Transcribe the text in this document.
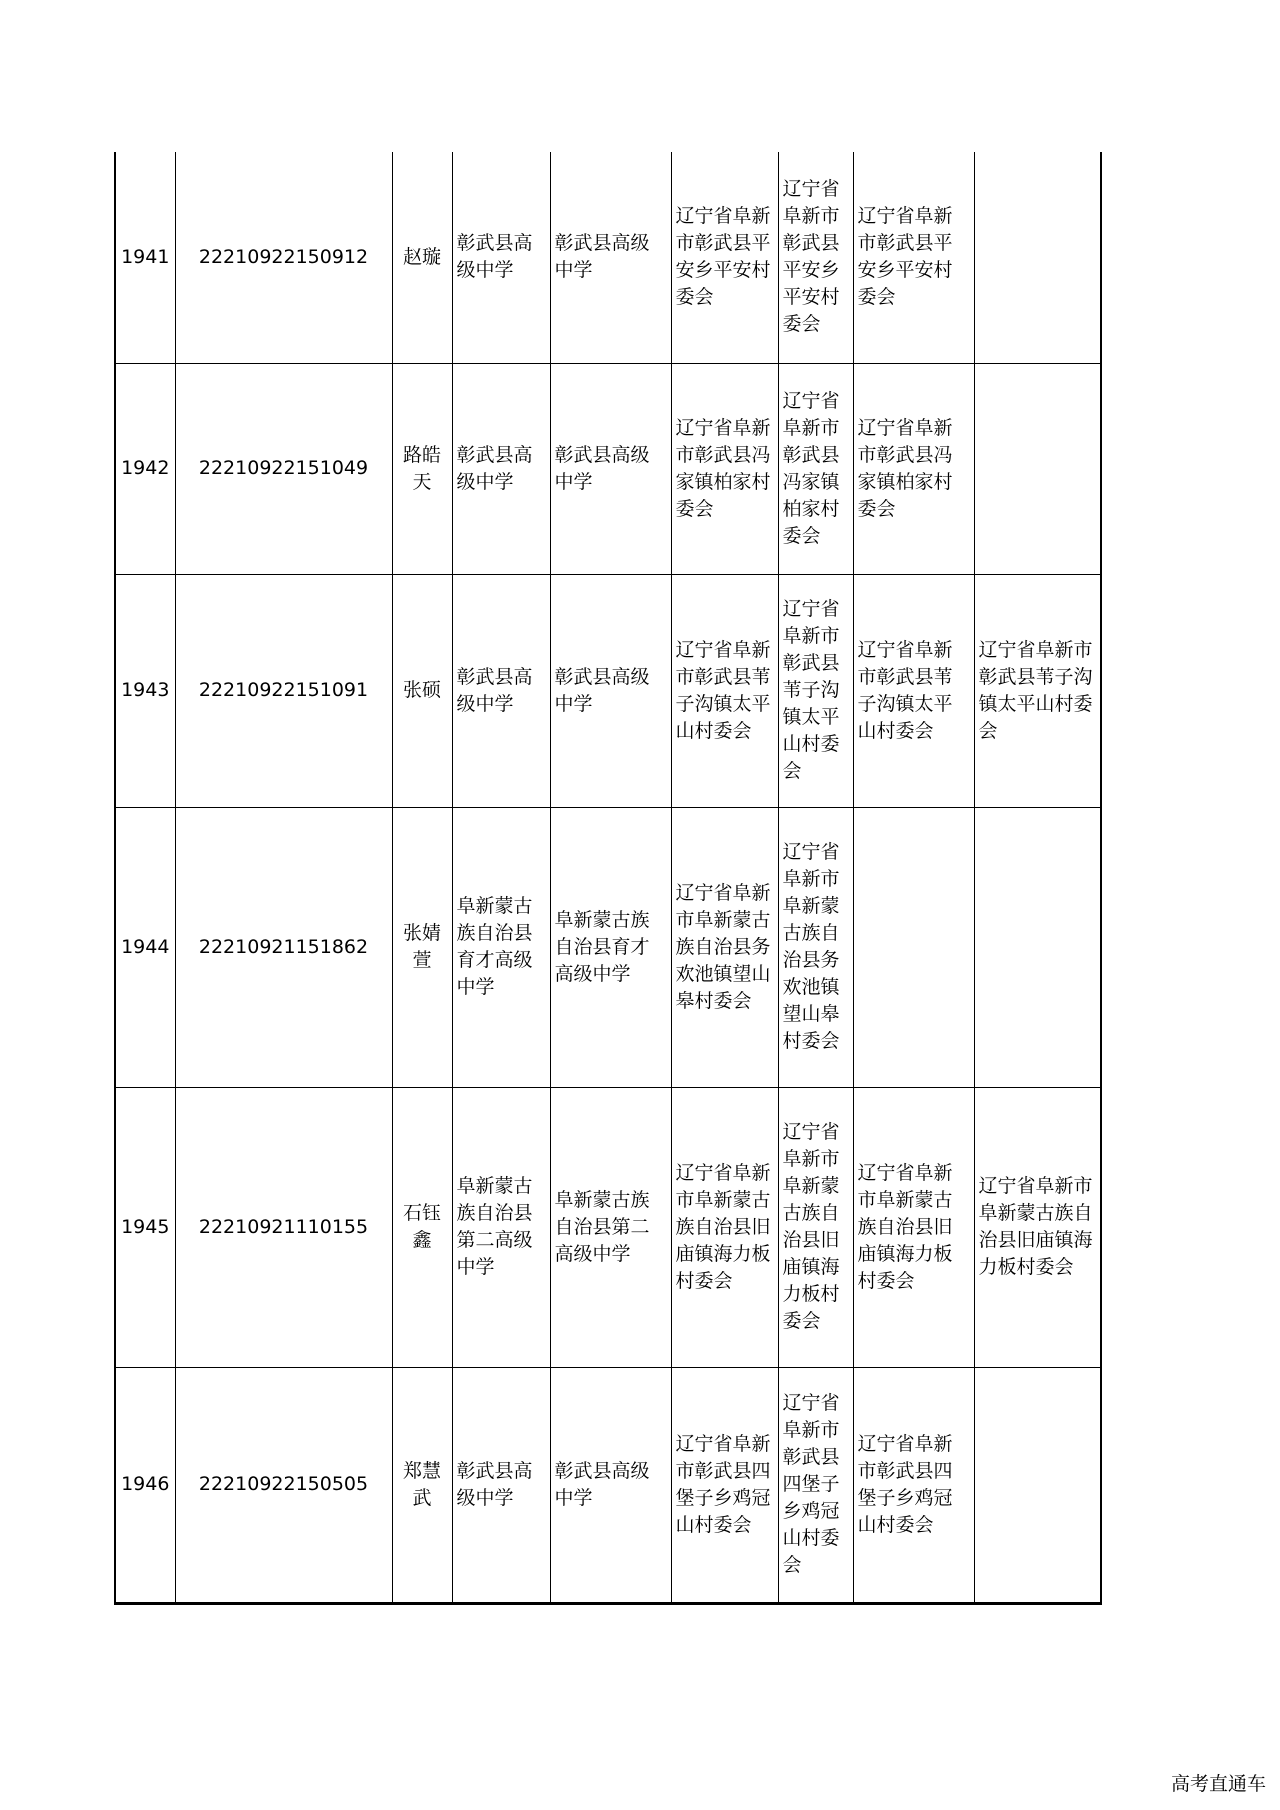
1941	22210922150912	赵璇	彰武县高级中学	彰武县高级中学	辽宁省阜新市彰武县平安乡平安村委会	辽宁省阜新市彰武县平安乡平安村委会	辽宁省阜新市彰武县平安乡平安村委会	
1942	22210922151049	路皓天	彰武县高级中学	彰武县高级中学	辽宁省阜新市彰武县冯家镇柏家村委会	辽宁省阜新市彰武县冯家镇柏家村委会	辽宁省阜新市彰武县冯家镇柏家村委会	
1943	22210922151091	张硕	彰武县高级中学	彰武县高级中学	辽宁省阜新市彰武县苇子沟镇太平山村委会	辽宁省阜新市彰武县苇子沟镇太平山村委会	辽宁省阜新市彰武县苇子沟镇太平山村委会	辽宁省阜新市彰武县苇子沟镇太平山村委会
1944	22210921151862	张婧萱	阜新蒙古族自治县育才高级中学	阜新蒙古族自治县育才高级中学	辽宁省阜新市阜新蒙古族自治县务欢池镇望山皋村委会	辽宁省阜新市阜新蒙古族自治县务欢池镇望山皋村委会		
1945	22210921110155	石钰鑫	阜新蒙古族自治县第二高级中学	阜新蒙古族自治县第二高级中学	辽宁省阜新市阜新蒙古族自治县旧庙镇海力板村委会	辽宁省阜新市阜新蒙古族自治县旧庙镇海力板村委会	辽宁省阜新市阜新蒙古族自治县旧庙镇海力板村委会	辽宁省阜新市阜新蒙古族自治县旧庙镇海力板村委会
1946	22210922150505	郑慧武	彰武县高级中学	彰武县高级中学	辽宁省阜新市彰武县四堡子乡鸡冠山村委会	辽宁省阜新市彰武县四堡子乡鸡冠山村委会	辽宁省阜新市彰武县四堡子乡鸡冠山村委会	
高考直通车
